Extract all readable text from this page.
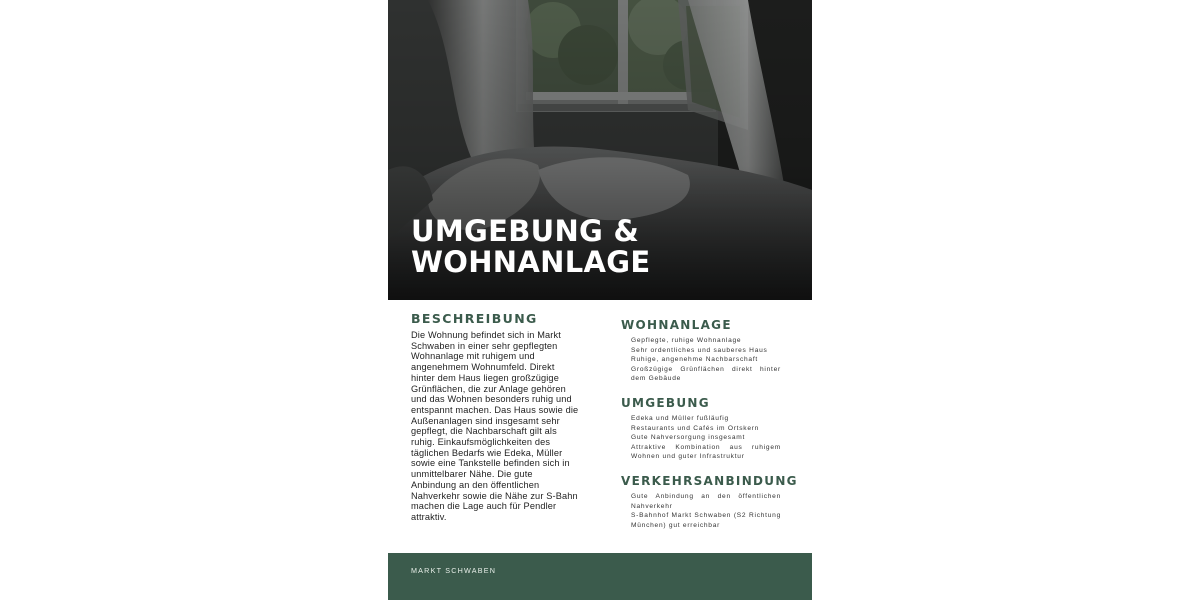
UMGEBUNG &
WOHNANLAGE
BESCHREIBUNG

Die Wohnung befindet sich in Markt Schwaben in einer sehr gepflegten Wohnanlage mit ruhigem und angenehmem Wohnumfeld. Direkt hinter dem Haus liegen großzügige Grünflächen, die zur Anlage gehören und das Wohnen besonders ruhig und entspannt machen. Das Haus sowie die Außenanlagen sind insgesamt sehr gepflegt, die Nachbarschaft gilt als ruhig. Einkaufsmöglichkeiten des täglichen Bedarfs wie Edeka, Müller sowie eine Tankstelle befinden sich in unmittelbarer Nähe. Die gute Anbindung an den öffentlichen Nahverkehr sowie die Nähe zur S-Bahn machen die Lage auch für Pendler attraktiv.

WOHNANLAGE
Gepflegte, ruhige Wohnanlage
Sehr ordentliches und sauberes Haus
Ruhige, angenehme Nachbarschaft
Großzügige Grünflächen direkt hinter dem Gebäude
UMGEBUNG
Edeka und Müller fußläufig
Restaurants und Cafés im Ortskern
Gute Nahversorgung insgesamt
Attraktive Kombination aus ruhigem Wohnen und guter Infrastruktur
VERKEHRSANBINDUNG
Gute Anbindung an den öffentlichen Nahverkehr
S-Bahnhof Markt Schwaben (S2 Richtung München) gut erreichbar
MARKT SCHWABEN
